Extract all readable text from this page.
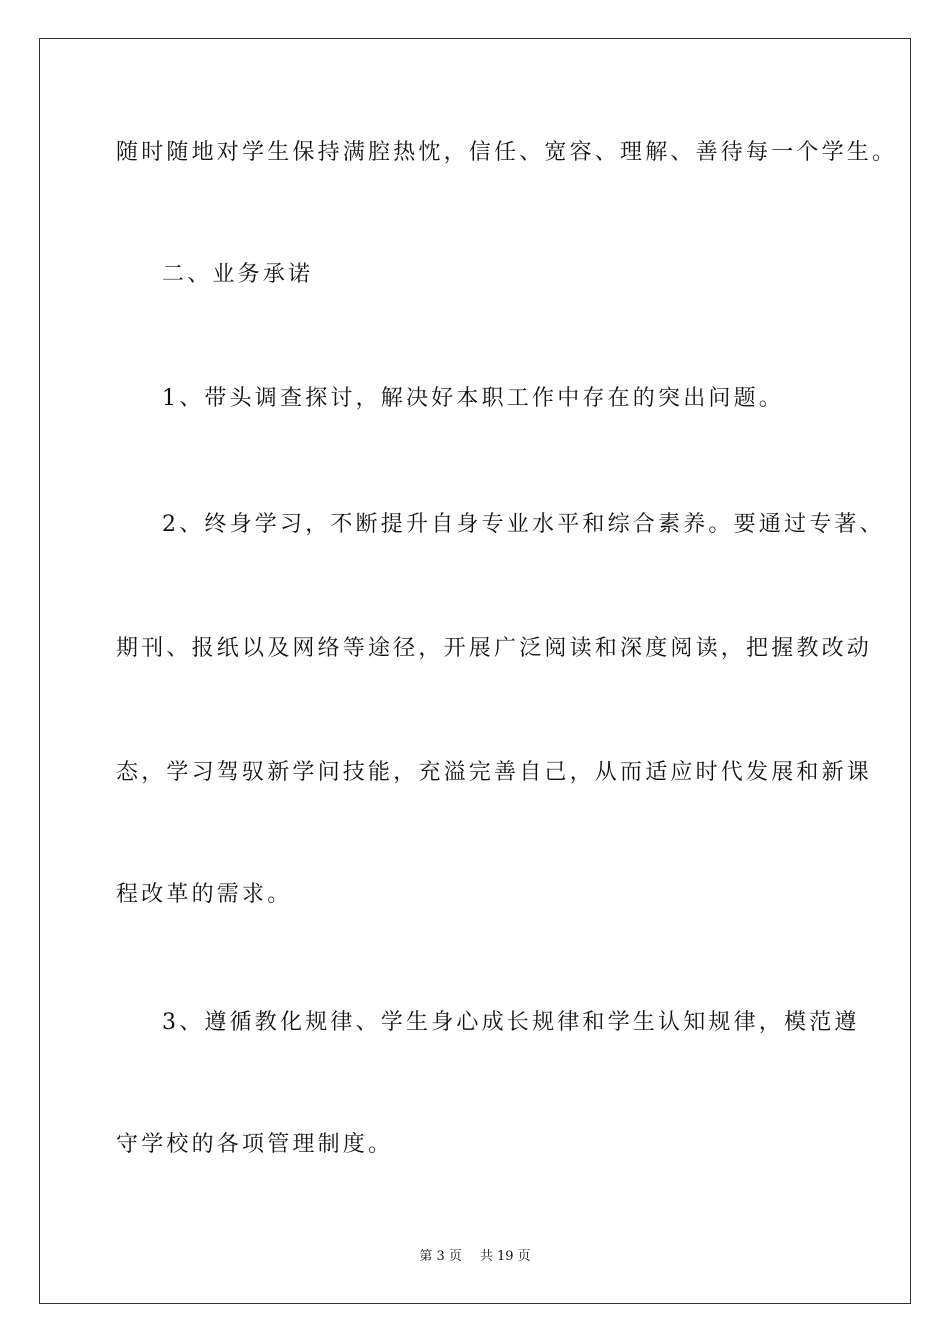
随时随地对学生保持满腔热忱，信任、宽容、理解、善待每一个学生。
二、业务承诺
1、带头调查探讨，解决好本职工作中存在的突出问题。
2、终身学习，不断提升自身专业水平和综合素养。要通过专著、
期刊、报纸以及网络等途径，开展广泛阅读和深度阅读，把握教改动
态，学习驾驭新学问技能，充溢完善自己，从而适应时代发展和新课
程改革的需求。
3、遵循教化规律、学生身心成长规律和学生认知规律，模范遵
守学校的各项管理制度。
第 3 页 共 19 页
